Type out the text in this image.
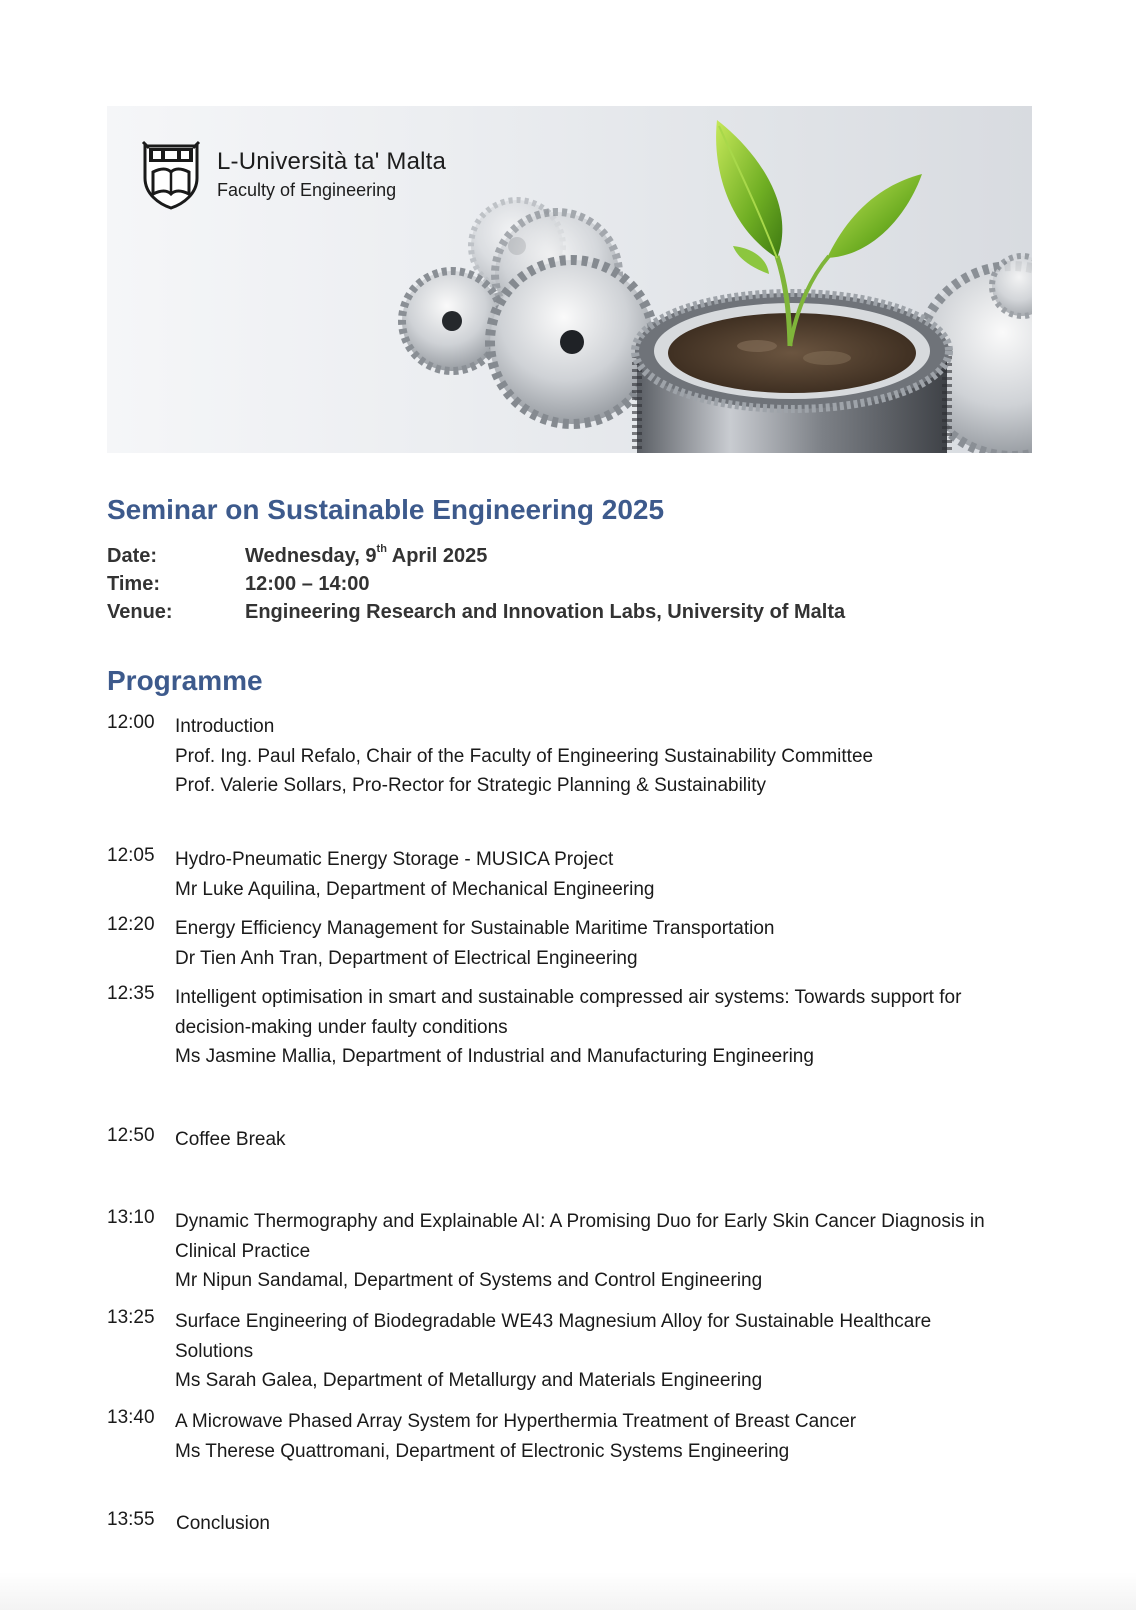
L-Università ta' Malta
Faculty of Engineering
Seminar on Sustainable Engineering 2025
Date:	Wednesday, 9th April 2025
Time:	12:00 – 14:00
Venue:	Engineering Research and Innovation Labs, University of Malta
Programme
12:00	Introduction
Prof. Ing. Paul Refalo, Chair of the Faculty of Engineering Sustainability Committee
Prof. Valerie Sollars, Pro-Rector for Strategic Planning & Sustainability
12:05	Hydro-Pneumatic Energy Storage - MUSICA Project
Mr Luke Aquilina, Department of Mechanical Engineering
12:20	Energy Efficiency Management for Sustainable Maritime Transportation
Dr Tien Anh Tran, Department of Electrical Engineering
12:35	Intelligent optimisation in smart and sustainable compressed air systems: Towards support for
decision-making under faulty conditions
Ms Jasmine Mallia, Department of Industrial and Manufacturing Engineering
12:50	Coffee Break
13:10	Dynamic Thermography and Explainable AI: A Promising Duo for Early Skin Cancer Diagnosis in
Clinical Practice
Mr Nipun Sandamal, Department of Systems and Control Engineering
13:25	Surface Engineering of Biodegradable WE43 Magnesium Alloy for Sustainable Healthcare
Solutions
Ms Sarah Galea, Department of Metallurgy and Materials Engineering
13:40	A Microwave Phased Array System for Hyperthermia Treatment of Breast Cancer
Ms Therese Quattromani, Department of Electronic Systems Engineering
13:55	Conclusion
